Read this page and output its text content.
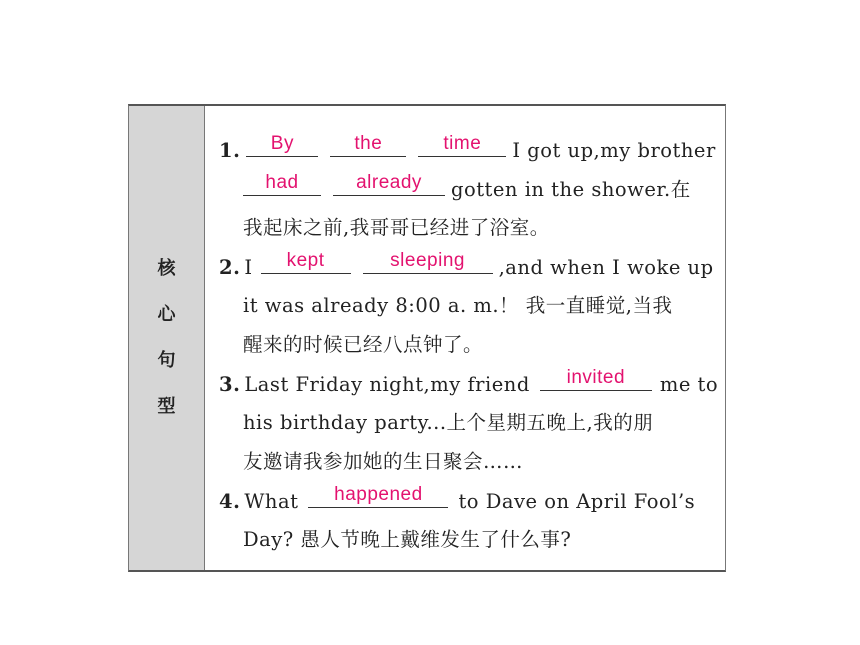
核
心
句
型
1.	By	the	time	I got up,my brother
had	already	gotten in the shower.在
我起床之前,我哥哥已经进了浴室。
2. I	kept	sleeping	,and when I woke up
it was already 8:00 a. m.！ 我一直睡觉,当我
醒来的时候已经八点钟了。
3. Last Friday night,my friend	invited	me to
his birthday party...上个星期五晚上,我的朋
友邀请我参加她的生日聚会……
4. What	happened	to Dave on April Fool’s
Day? 愚人节晚上戴维发生了什么事?
